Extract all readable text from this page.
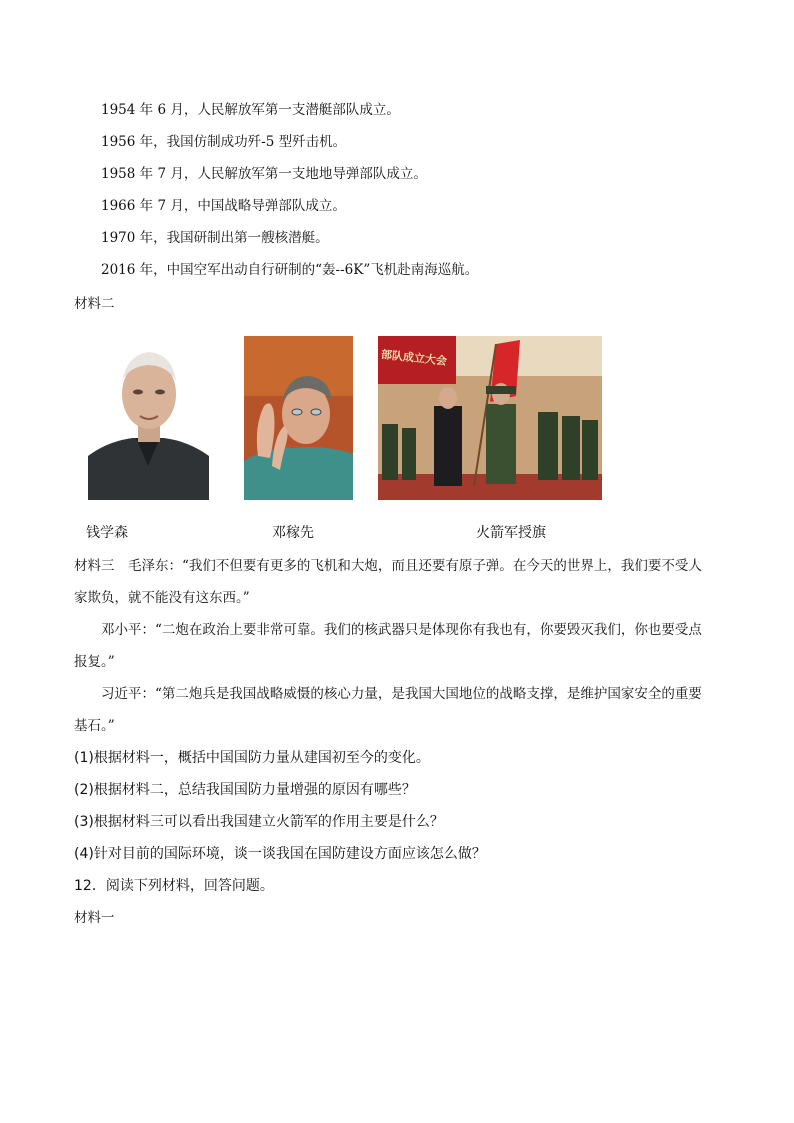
1954 年 6 月，人民解放军第一支潜艇部队成立。
1956 年，我国仿制成功歼-5 型歼击机。
1958 年 7 月，人民解放军第一支地地导弹部队成立。
1966 年 7 月，中国战略导弹部队成立。
1970 年，我国研制出第一艘核潜艇。
2016 年，中国空军出动自行研制的“轰--6K”飞机赴南海巡航。
材料二
部队成立大会
钱学森	邓稼先	火箭军授旗
材料三　毛泽东：“我们不但要有更多的飞机和大炮，而且还要有原子弹。在今天的世界上，我们要不受人
家欺负，就不能没有这东西。”
邓小平：“二炮在政治上要非常可靠。我们的核武器只是体现你有我也有，你要毁灭我们，你也要受点
报复。”
习近平：“第二炮兵是我国战略威慑的核心力量，是我国大国地位的战略支撑，是维护国家安全的重要
基石。”
(1)根据材料一，概括中国国防力量从建国初至今的变化。
(2)根据材料二，总结我国国防力量增强的原因有哪些？
(3)根据材料三可以看出我国建立火箭军的作用主要是什么？
(4)针对目前的国际环境，谈一谈我国在国防建设方面应该怎么做？
12．阅读下列材料，回答问题。
材料一
